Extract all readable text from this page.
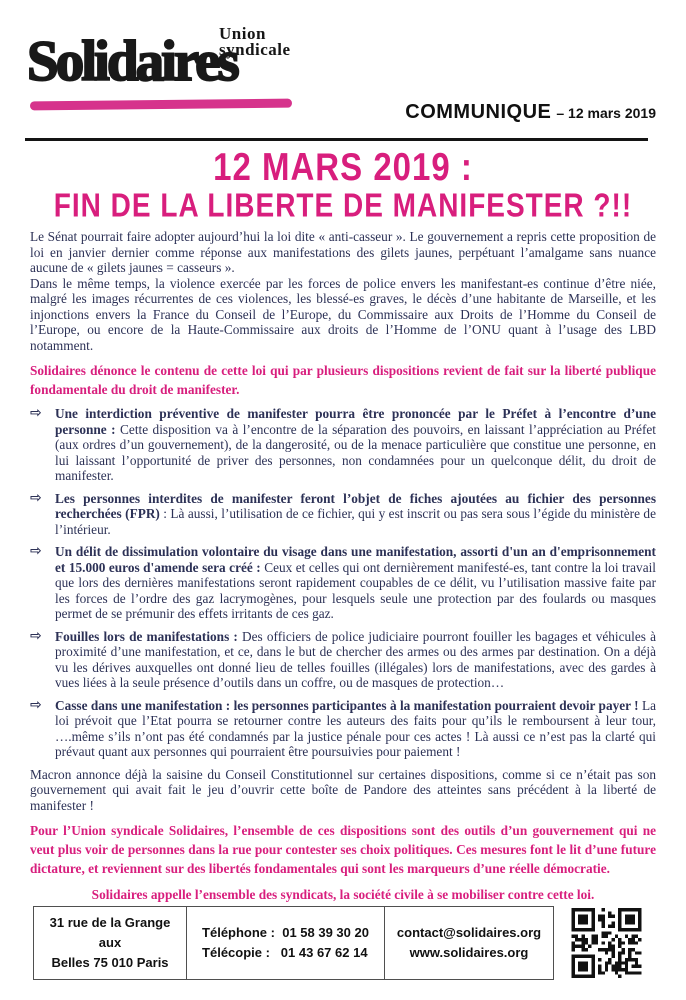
Union
syndicale
Solidaires
COMMUNIQUE – 12 mars 2019
12 MARS 2019 :
FIN DE LA LIBERTE DE MANIFESTER ?!!

Le Sénat pourrait faire adopter aujourd’hui la loi dite « anti-casseur ». Le gouvernement a repris cette proposition de loi en janvier dernier comme réponse aux manifestations des gilets jaunes, perpétuant l’amalgame sans nuance aucune de « gilets jaunes = casseurs ».

Dans le même temps, la violence exercée par les forces de police envers les manifestant-es continue d’être niée, malgré les images récurrentes de ces violences, les blessé-es graves, le décès d’une habitante de Marseille, et les injonctions envers la France du Conseil de l’Europe, du Commissaire aux Droits de l’Homme du Conseil de l’Europe, ou encore de la Haute-Commissaire aux droits de l’Homme de l’ONU quant à l’usage des LBD notamment.

Solidaires dénonce le contenu de cette loi qui par plusieurs dispositions revient de fait sur la liberté publique fondamentale du droit de manifester.

⇨ Une interdiction préventive de manifester pourra être prononcée par le Préfet à l’encontre d’une personne : Cette disposition va à l’encontre de la séparation des pouvoirs, en laissant l’appréciation au Préfet (aux ordres d’un gouvernement), de la dangerosité, ou de la menace particulière que constitue une personne, en lui laissant l’opportunité de priver des personnes, non condamnées pour un quelconque délit, du droit de manifester.
⇨ Les personnes interdites de manifester feront l’objet de fiches ajoutées au fichier des personnes recherchées (FPR) : Là aussi, l’utilisation de ce fichier, qui y est inscrit ou pas sera sous l’égide du ministère de l’intérieur.
⇨ Un délit de dissimulation volontaire du visage dans une manifestation, assorti d'un an d'emprisonnement et 15.000 euros d'amende sera créé : Ceux et celles qui ont dernièrement manifesté-es, tant contre la loi travail que lors des dernières manifestations seront rapidement coupables de ce délit, vu l’utilisation massive faite par les forces de l’ordre des gaz lacrymogènes, pour lesquels seule une protection par des foulards ou masques permet de se prémunir des effets irritants de ces gaz.
⇨ Fouilles lors de manifestations : Des officiers de police judiciaire pourront fouiller les bagages et véhicules à proximité d’une manifestation, et ce, dans le but de chercher des armes ou des armes par destination. On a déjà vu les dérives auxquelles ont donné lieu de telles fouilles (illégales) lors de manifestations, avec des gardes à vues liées à la seule présence d’outils dans un coffre, ou de masques de protection…
⇨ Casse dans une manifestation : les personnes participantes à la manifestation pourraient devoir payer ! La loi prévoit que l’Etat pourra se retourner contre les auteurs des faits pour qu’ils le remboursent à leur tour, ….même s’ils n’ont pas été condamnés par la justice pénale pour ces actes ! Là aussi ce n’est pas la clarté qui prévaut quant aux personnes qui pourraient être poursuivies pour paiement !

Macron annonce déjà la saisine du Conseil Constitutionnel sur certaines dispositions, comme si ce n’était pas son gouvernement qui avait fait le jeu d’ouvrir cette boîte de Pandore des atteintes sans précédent à la liberté de manifester !

Pour l’Union syndicale Solidaires, l’ensemble de ces dispositions sont des outils d’un gouvernement qui ne veut plus voir de personnes dans la rue pour contester ses choix politiques. Ces mesures font le lit d’une future dictature, et reviennent sur des libertés fondamentales qui sont les marqueurs d’une réelle démocratie.

Solidaires appelle l’ensemble des syndicats, la société civile à se mobiliser contre cette loi.

31 rue de la Grange aux
Belles 75 010 Paris
Téléphone : 01 58 39 30 20
Télécopie : 01 43 67 62 14
contact@solidaires.org
www.solidaires.org
